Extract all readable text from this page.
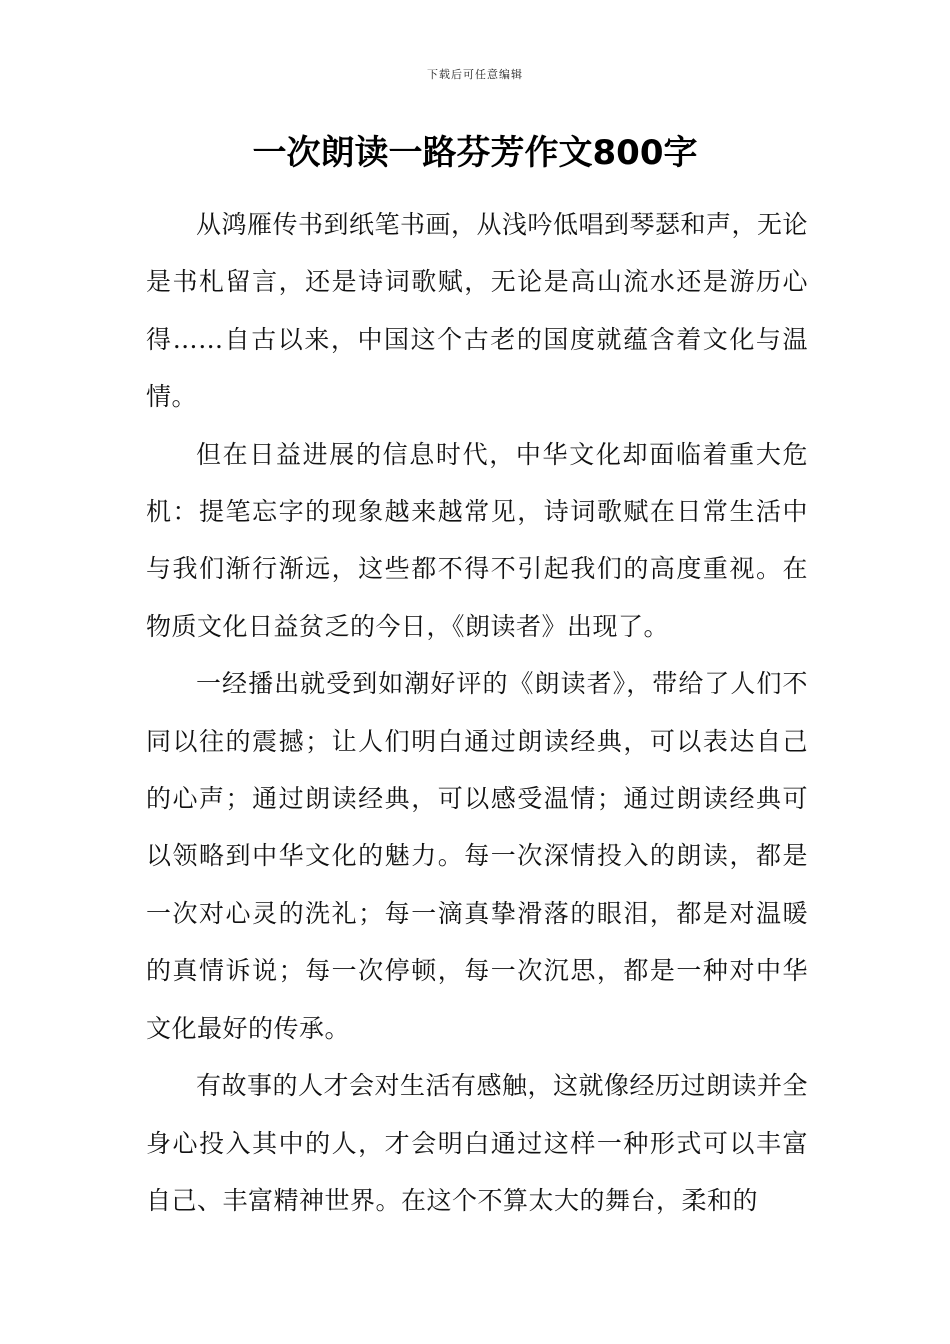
下载后可任意编辑
一次朗读一路芬芳作文800字

从鸿雁传书到纸笔书画，从浅吟低唱到琴瑟和声，无论是书札留言，还是诗词歌赋，无论是高山流水还是游历心得……自古以来，中国这个古老的国度就蕴含着文化与温情。

但在日益进展的信息时代，中华文化却面临着重大危机：提笔忘字的现象越来越常见，诗词歌赋在日常生活中与我们渐行渐远，这些都不得不引起我们的高度重视。在物质文化日益贫乏的今日，《朗读者》出现了。

一经播出就受到如潮好评的《朗读者》，带给了人们不同以往的震撼；让人们明白通过朗读经典，可以表达自己的心声；通过朗读经典，可以感受温情；通过朗读经典可以领略到中华文化的魅力。每一次深情投入的朗读，都是一次对心灵的洗礼；每一滴真挚滑落的眼泪，都是对温暖的真情诉说；每一次停顿，每一次沉思，都是一种对中华文化最好的传承。

有故事的人才会对生活有感触，这就像经历过朗读并全身心投入其中的人，才会明白通过这样一种形式可以丰富自己、丰富精神世界。在这个不算太大的舞台，柔和的
